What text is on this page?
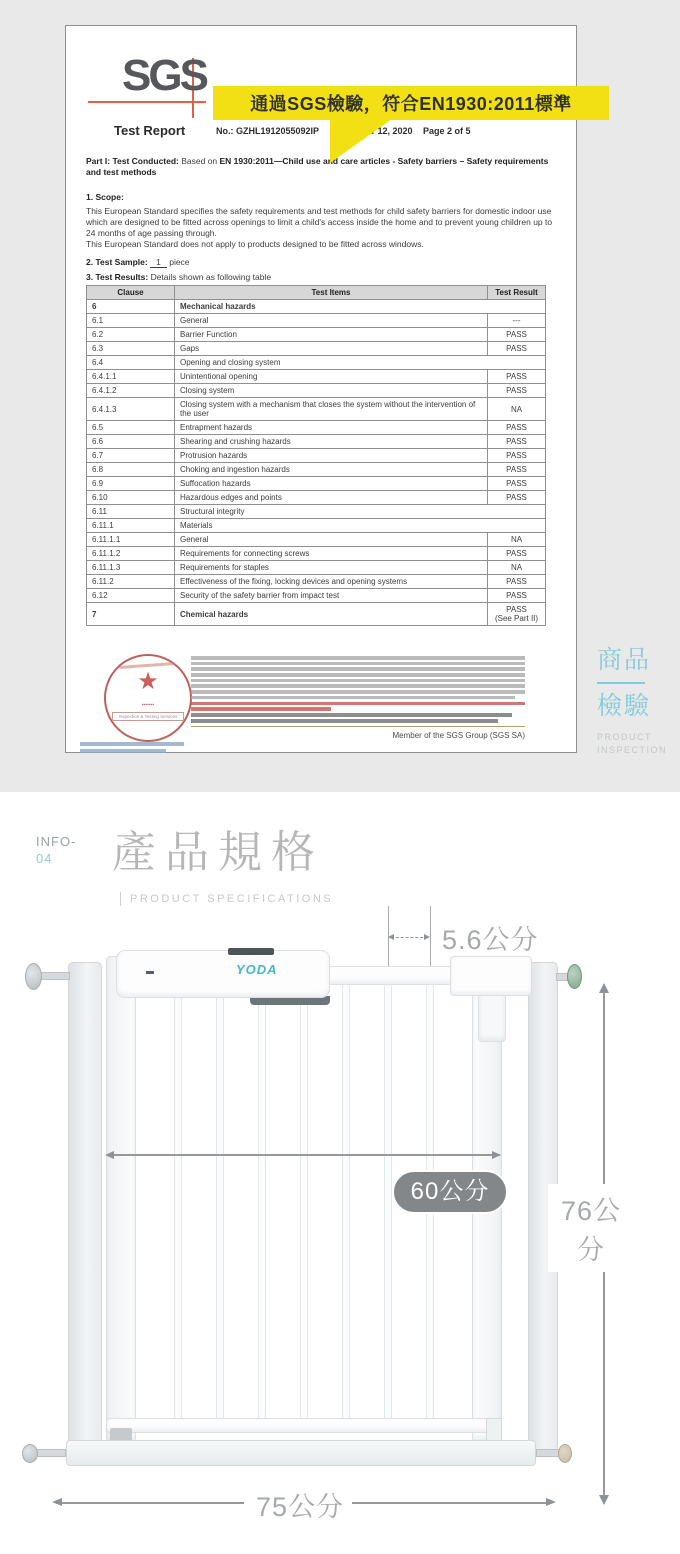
SGS
Test Report	No.: GZHL1912055092IP Date: Mar 12, 2020 Page 2 of 5
Part I: Test Conducted: Based on EN 1930:2011—Child use and care articles - Safety barriers – Safety requirements and test methods
1. Scope:
This European Standard specifies the safety requirements and test methods for child safety barriers for domestic indoor use which are designed to be fitted across openings to limit a child's access inside the home and to prevent young children up to 24 months of age passing through.
This European Standard does not apply to products designed to be fitted across windows.
2. Test Sample: 1 piece
3. Test Results: Details shown as following table
Clause	Test Items	Test Result
6	Mechanical hazards	
6.1	General	---
6.2	Barrier Function	PASS
6.3	Gaps	PASS
6.4	Opening and closing system	
6.4.1.1	Unintentional opening	PASS
6.4.1.2	Closing system	PASS
6.4.1.3	Closing system with a mechanism that closes the system without the intervention of the user	NA
6.5	Entrapment hazards	PASS
6.6	Shearing and crushing hazards	PASS
6.7	Protrusion hazards	PASS
6.8	Choking and ingestion hazards	PASS
6.9	Suffocation hazards	PASS
6.10	Hazardous edges and points	PASS
6.11	Structural integrity	
6.11.1	Materials	
6.11.1.1	General	NA
6.11.1.2	Requirements for connecting screws	PASS
6.11.1.3	Requirements for staples	NA
6.11.2	Effectiveness of the fixing, locking devices and opening systems	PASS
6.12	Security of the safety barrier from impact test	PASS
7	Chemical hazards	PASS
(See Part II)
★
▪▪▪▪▪▪▪
Inspection & Testing Services
Member of the SGS Group (SGS SA)
通過SGS檢驗，符合EN1930:2011標準
商品
檢驗
PRODUCT
INSPECTION
INFO-
04 產品規格
PRODUCT SPECIFICATIONS
5.6公分
YODA
60公分
76公分
75公分
